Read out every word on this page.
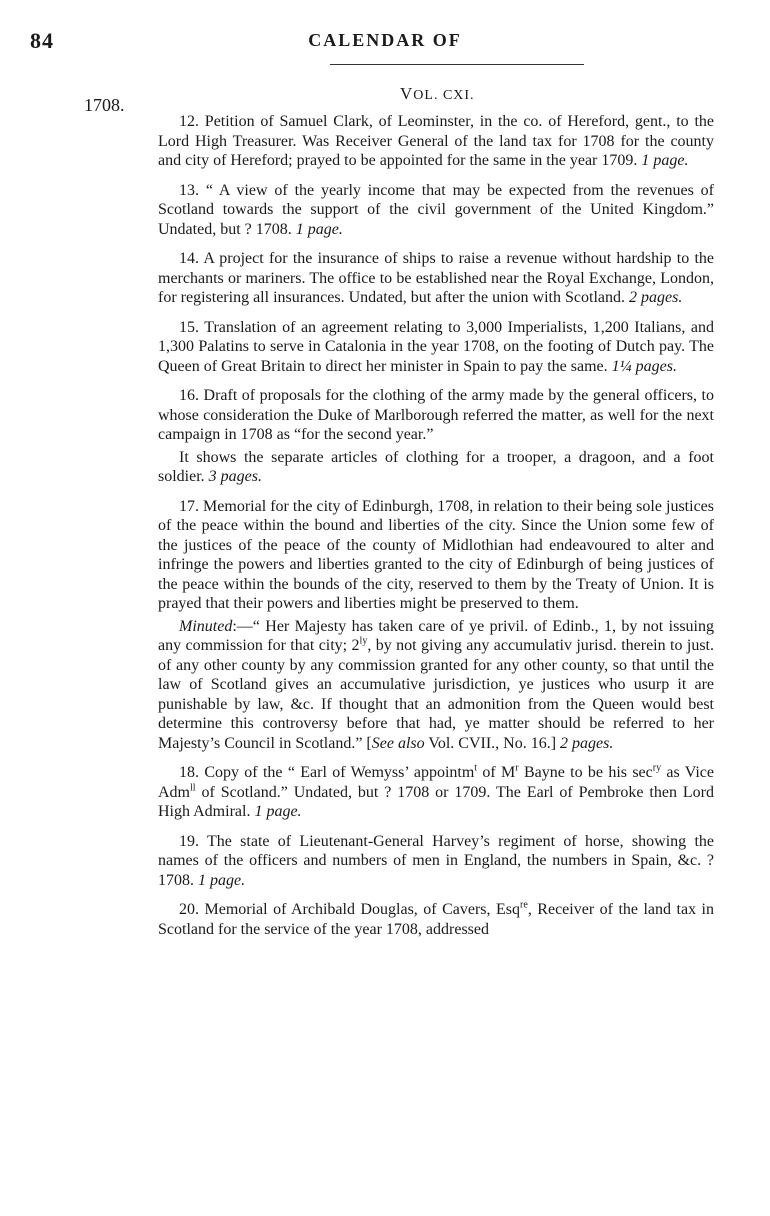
84	CALENDAR OF
1708.
VOL. CXI.

12. Petition of Samuel Clark, of Leominster, in the co. of Hereford, gent., to the Lord High Treasurer. Was Receiver General of the land tax for 1708 for the county and city of Hereford; prayed to be appointed for the same in the year 1709. 1 page.

13. “ A view of the yearly income that may be expected from the revenues of Scotland towards the support of the civil government of the United Kingdom.” Undated, but ? 1708. 1 page.

14. A project for the insurance of ships to raise a revenue without hardship to the merchants or mariners. The office to be established near the Royal Exchange, London, for registering all insurances. Undated, but after the union with Scotland. 2 pages.

15. Translation of an agreement relating to 3,000 Imperialists, 1,200 Italians, and 1,300 Palatins to serve in Catalonia in the year 1708, on the footing of Dutch pay. The Queen of Great Britain to direct her minister in Spain to pay the same. 1¼ pages.

16. Draft of proposals for the clothing of the army made by the general officers, to whose consideration the Duke of Marlborough referred the matter, as well for the next campaign in 1708 as “for the second year.”

It shows the separate articles of clothing for a trooper, a dragoon, and a foot soldier. 3 pages.

17. Memorial for the city of Edinburgh, 1708, in relation to their being sole justices of the peace within the bound and liberties of the city. Since the Union some few of the justices of the peace of the county of Midlothian had endeavoured to alter and infringe the powers and liberties granted to the city of Edinburgh of being justices of the peace within the bounds of the city, reserved to them by the Treaty of Union. It is prayed that their powers and liberties might be preserved to them.

Minuted:—“ Her Majesty has taken care of ye privil. of Edinb., 1, by not issuing any commission for that city; $2^{ly}$, by not giving any accumulativ jurisd. therein to just. of any other county by any commission granted for any other county, so that until the law of Scotland gives an accumulative jurisdiction, ye justices who usurp it are punishable by law, &c. If thought that an admonition from the Queen would best determine this controversy before that had, ye matter should be referred to her Majesty’s Council in Scotland.” [See also Vol. CVII., No. 16.] 2 pages.

18. Copy of the “ Earl of Wemyss’ appointm$^t$ of $M^r$ Bayne to be his $\sec^{ry}$ as Vice Adm$^{ll}$ of Scotland.” Undated, but ? 1708 or 1709. The Earl of Pembroke then Lord High Admiral. 1 page.

19. The state of Lieutenant-General Harvey’s regiment of horse, showing the names of the officers and numbers of men in England, the numbers in Spain, &c. ? 1708. 1 page.

20. Memorial of Archibald Douglas, of Cavers, Esq$^{re}$, Receiver of the land tax in Scotland for the service of the year 1708, addressed
